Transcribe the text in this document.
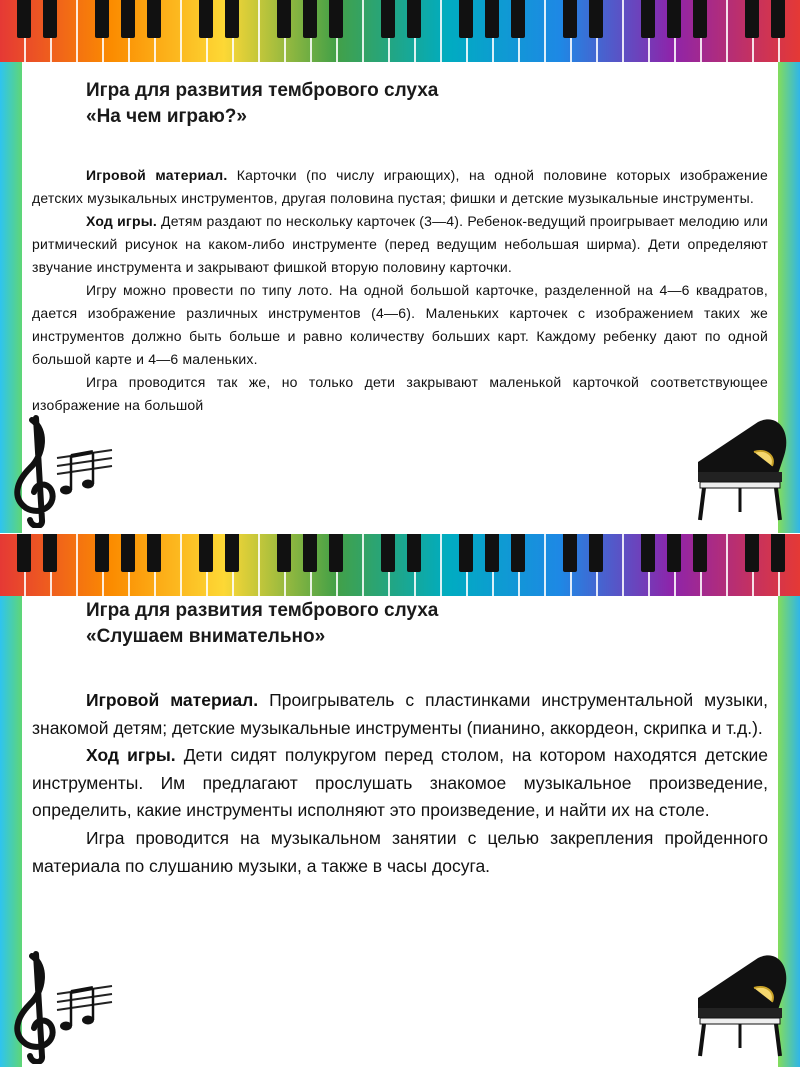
Игра для развития тембрового слуха
«На чем играю?»

Игровой материал. Карточки (по числу играющих), на одной половине которых изображение детских музыкальных инструментов, другая половина пустая; фишки и детские музыкальные инструменты.

Ход игры. Детям раздают по нескольку карточек (3—4). Ребенок-ведущий проигрывает мелодию или ритмический рисунок на каком-либо инструменте (перед ведущим небольшая ширма). Дети определяют звучание инструмента и закрывают фишкой вторую половину карточки.

Игру можно провести по типу лото. На одной большой карточке, разделенной на 4—6 квадратов, дается изображение различных инструментов (4—6). Маленьких карточек с изображением таких же инструментов должно быть больше и равно количеству больших карт. Каждому ребенку дают по одной большой карте и 4—6 маленьких.

Игра проводится так же, но только дети закрывают маленькой карточкой соответствующее изображение на большой

Игра для развития тембрового слуха
«Слушаем внимательно»

Игровой материал. Проигрыватель с пластинками инструментальной музыки, знакомой детям; детские музыкальные инструменты (пианино, аккордеон, скрипка и т.д.).

Ход игры. Дети сидят полукругом перед столом, на котором находятся детские инструменты. Им предлагают прослушать знакомое музыкальное произведение, определить, какие инструменты исполняют это произведение, и найти их на столе.

Игра проводится на музыкальном занятии с целью закрепления пройденного материала по слушанию музыки, а также в часы досуга.
